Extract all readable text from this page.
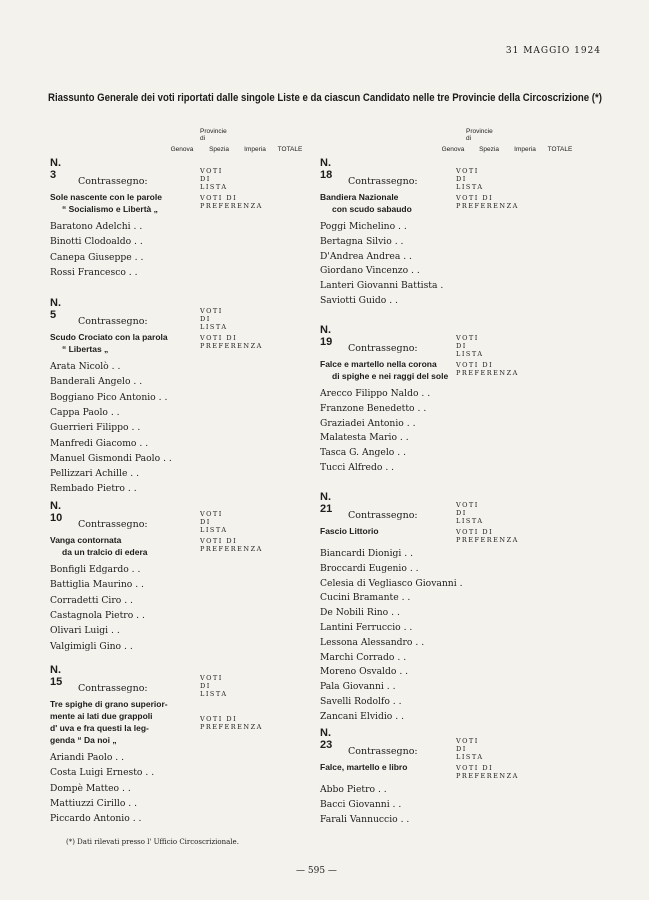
31 MAGGIO 1924
Riassunto Generale dei voti riportati dalle singole Liste e da ciascun Candidato nelle tre Provincie della Circoscrizione (*)
Provincie di
Genova	Spezia	Imperia	TOTALE
N. 3	VOTI DI LISTA
Contrassegno:
Sole nascente con le parole
“ Socialismo e Libertà „
VOTI DI PREFERENZA
Baratono Adelchi . .
Binotti Clodoaldo . .
Canepa Giuseppe . .
Rossi Francesco . .
N. 5	VOTI DI LISTA
Contrassegno:
Scudo Crociato con la parola
“ Libertas „
VOTI DI PREFERENZA
Arata Nicolò . .
Banderali Angelo . .
Boggiano Pico Antonio . .
Cappa Paolo . .
Guerrieri Filippo . .
Manfredi Giacomo . .
Manuel Gismondi Paolo . .
Pellizzari Achille . .
Rembado Pietro . .
N. 10	VOTI DI LISTA
Contrassegno:
Vanga contornata
da un tralcio di edera
VOTI DI PREFERENZA
Bonfigli Edgardo . .
Battiglia Maurino . .
Corradetti Ciro . .
Castagnola Pietro . .
Olivari Luigi . .
Valgimigli Gino . .
N. 15	VOTI DI LISTA
Contrassegno:
Tre spighe di grano superior-
mente ai lati due grappoli
d' uva e fra questi la leg-
genda “ Da noi „
VOTI DI PREFERENZA
Ariandi Paolo . .
Costa Luigi Ernesto . .
Dompè Matteo . .
Mattiuzzi Cirillo . .
Piccardo Antonio . .
Provincie di
Genova	Spezia	Imperia	TOTALE
N. 18	VOTI DI LISTA
Contrassegno:
Bandiera Nazionale
con scudo sabaudo
VOTI DI PREFERENZA
Poggi Michelino . .
Bertagna Silvio . .
D'Andrea Andrea . .
Giordano Vincenzo . .
Lanteri Giovanni Battista .
Saviotti Guido . .
N. 19	VOTI DI LISTA
Contrassegno:
Falce e martello nella corona
di spighe e nei raggi del sole
VOTI DI PREFERENZA
Arecco Filippo Naldo . .
Franzone Benedetto . .
Graziadei Antonio . .
Malatesta Mario . .
Tasca G. Angelo . .
Tucci Alfredo . .
N. 21	VOTI DI LISTA
Contrassegno:
Fascio Littorio	VOTI DI PREFERENZA
Biancardi Dionigi . .
Broccardi Eugenio . .
Celesia di Vegliasco Giovanni .
Cucini Bramante . .
De Nobili Rino . .
Lantini Ferruccio . .
Lessona Alessandro . .
Marchi Corrado . .
Moreno Osvaldo . .
Pala Giovanni . .
Savelli Rodolfo . .
Zancani Elvidio . .
N. 23	VOTI DI LISTA
Contrassegno:
Falce, martello e libro	VOTI DI PREFERENZA
Abbo Pietro . .
Bacci Giovanni . .
Farali Vannuccio . .
(*) Dati rilevati presso l' Ufficio Circoscrizionale.
— 595 —
